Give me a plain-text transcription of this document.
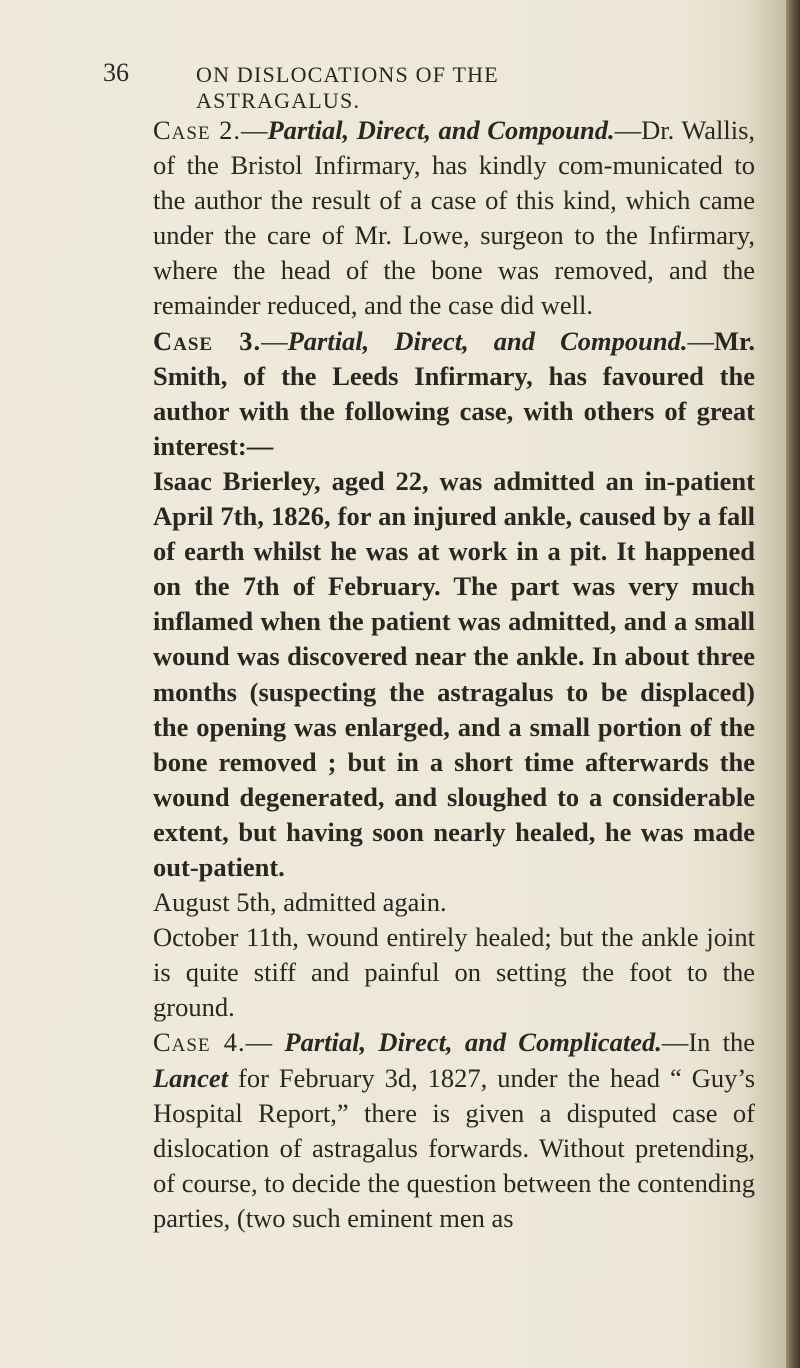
36	ON DISLOCATIONS OF THE ASTRAGALUS.

Case 2.—Partial, Direct, and Compound.—Dr. Wallis, of the Bristol Infirmary, has kindly com-municated to the author the result of a case of this kind, which came under the care of Mr. Lowe, surgeon to the Infirmary, where the head of the bone was removed, and the remainder reduced, and the case did well.

Case 3.—Partial, Direct, and Compound.—Mr. Smith, of the Leeds Infirmary, has favoured the author with the following case, with others of great interest:—

Isaac Brierley, aged 22, was admitted an in-patient April 7th, 1826, for an injured ankle, caused by a fall of earth whilst he was at work in a pit. It happened on the 7th of February. The part was very much inflamed when the patient was admitted, and a small wound was discovered near the ankle. In about three months (suspecting the astragalus to be displaced) the opening was enlarged, and a small portion of the bone removed ; but in a short time afterwards the wound degenerated, and sloughed to a considerable extent, but having soon nearly healed, he was made out-patient.

August 5th, admitted again.

October 11th, wound entirely healed; but the ankle joint is quite stiff and painful on setting the foot to the ground.

Case 4.— Partial, Direct, and Complicated.—In the Lancet for February 3d, 1827, under the head “ Guy’s Hospital Report,” there is given a disputed case of dislocation of astragalus forwards. Without pretending, of course, to decide the question between the contending parties, (two such eminent men as
